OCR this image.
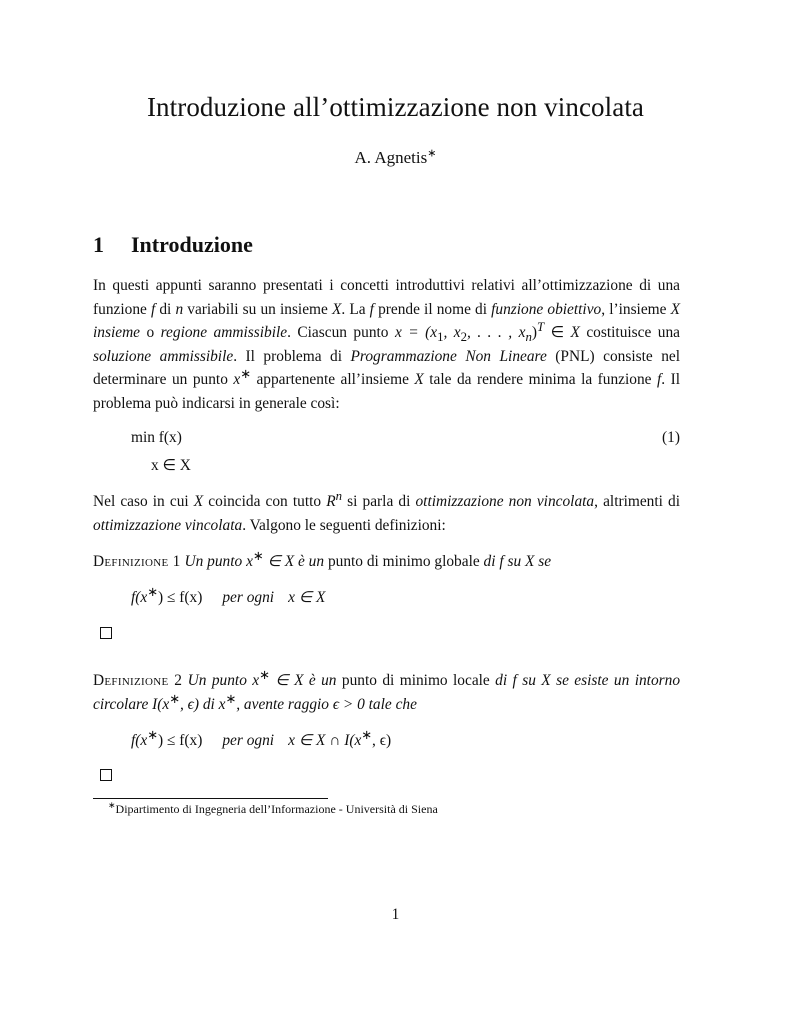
Introduzione all’ottimizzazione non vincolata
A. Agnetis∗
1 Introduzione

In questi appunti saranno presentati i concetti introduttivi relativi all’ottimizzazione di una funzione f di n variabili su un insieme X. La f prende il nome di funzione obiettivo, l’insieme X insieme o regione ammissibile. Ciascun punto $x = (x_1$, $x_2$, . . . , $x_n)^T$ ∈ X costituisce una soluzione ammissibile. Il problema di Programmazione Non Lineare (PNL) consiste nel determinare un punto x∗ appartenente all’insieme X tale da rendere minima la funzione f. Il problema può indicarsi in generale così:

min f(x)
x ∈ X
(1)

Nel caso in cui X coincida con tutto $R^n$ si parla di ottimizzazione non vincolata, altrimenti di ottimizzazione vincolata. Valgono le seguenti definizioni:

Definizione 1 Un punto x∗ ∈ X è un punto di minimo globale di f su X se

f(x∗) ≤ f(x) per ogni x ∈ X

Definizione 2 Un punto x∗ ∈ X è un punto di minimo locale di f su X se esiste un intorno circolare I(x∗, ϵ) di x∗, avente raggio ϵ > 0 tale che

f(x∗) ≤ f(x) per ogni x ∈ X ∩ I(x∗, ϵ)
∗Dipartimento di Ingegneria dell’Informazione - Università di Siena
1
